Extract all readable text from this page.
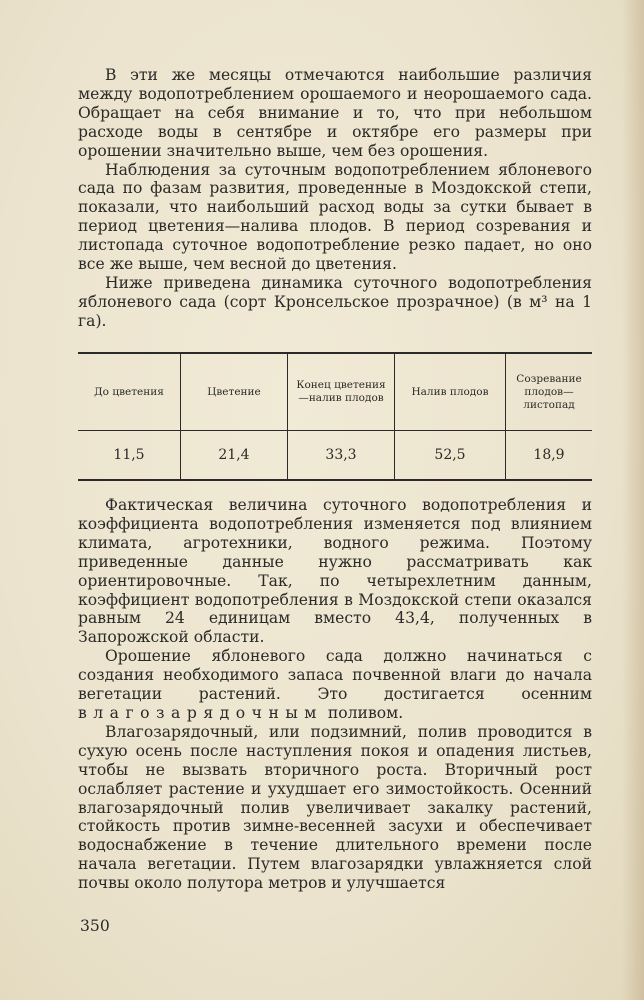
В эти же месяцы отмечаются наибольшие различия между водопотреблением орошаемого и неорошаемого сада. Обращает на себя внимание и то, что при небольшом расходе воды в сентябре и октябре его размеры при орошении значительно выше, чем без орошения.

Наблюдения за суточным водопотреблением яблоневого сада по фазам развития, проведенные в Моздокской степи, показали, что наибольший расход воды за сутки бывает в период цветения—налива плодов. В период созревания и листопада суточное водопотребление резко падает, но оно все же выше, чем весной до цветения.

Ниже приведена динамика суточного водопотребления яблоневого сада (сорт Кронсельское прозрачное) (в м³ на 1 га).

До цветения	Цветение	Конец цветения—налив плодов	Налив плодов	Созревание плодов—листопад
11,5	21,4	33,3	52,5	18,9

Фактическая величина суточного водопотребления и коэффициента водопотребления изменяется под влиянием климата, агротехники, водного режима. Поэтому приведенные данные нужно рассматривать как ориентировочные. Так, по четырехлетним данным, коэффициент водопотребления в Моздокской степи оказался равным 24 единицам вместо 43,4, полученных в Запорожской области.

Орошение яблоневого сада должно начинаться с создания необходимого запаса почвенной влаги до начала вегетации растений. Это достигается осенним влагозарядочным поливом.

Влагозарядочный, или подзимний, полив проводится в сухую осень после наступления покоя и опадения листьев, чтобы не вызвать вторичного роста. Вторичный рост ослабляет растение и ухудшает его зимостойкость. Осенний влагозарядочный полив увеличивает закалку растений, стойкость против зимне-весенней засухи и обеспечивает водоснабжение в течение длительного времени после начала вегетации. Путем влагозарядки увлажняется слой почвы около полутора метров и улучшается

350
